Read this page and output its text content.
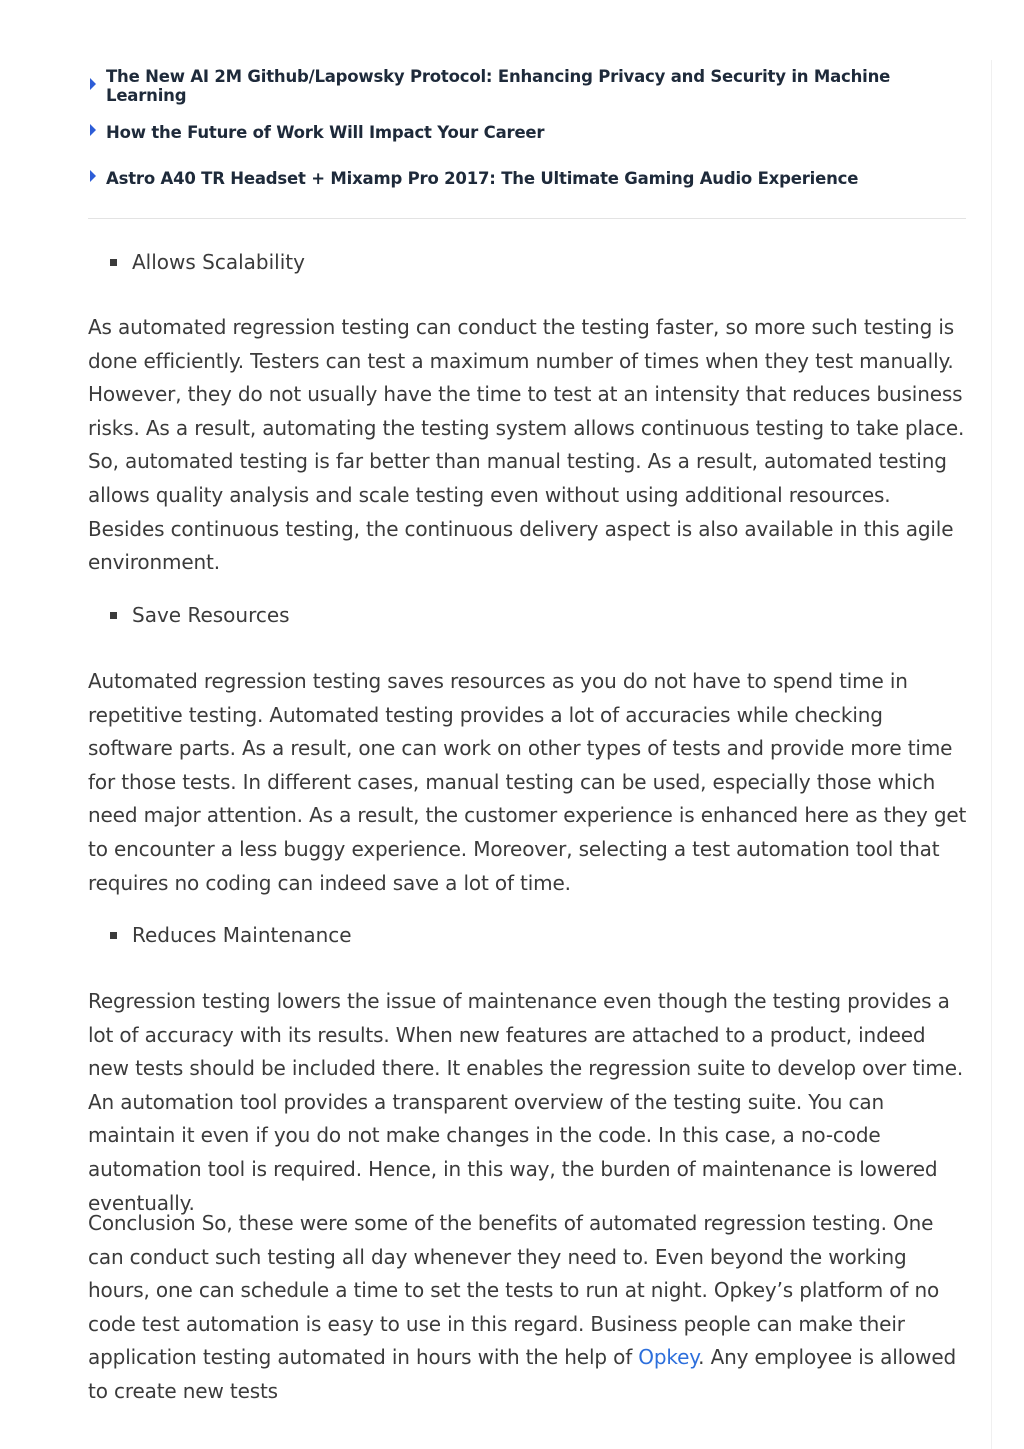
The New AI 2M Github/Lapowsky Protocol: Enhancing Privacy and Security in Machine Learning
How the Future of Work Will Impact Your Career
Astro A40 TR Headset + Mixamp Pro 2017: The Ultimate Gaming Audio Experience
Allows Scalability

As automated regression testing can conduct the testing faster, so more such testing is done efficiently. Testers can test a maximum number of times when they test manually. However, they do not usually have the time to test at an intensity that reduces business risks. As a result, automating the testing system allows continuous testing to take place. So, automated testing is far better than manual testing. As a result, automated testing allows quality analysis and scale testing even without using additional resources. Besides continuous testing, the continuous delivery aspect is also available in this agile environment.

Save Resources

Automated regression testing saves resources as you do not have to spend time in repetitive testing. Automated testing provides a lot of accuracies while checking software parts. As a result, one can work on other types of tests and provide more time for those tests. In different cases, manual testing can be used, especially those which need major attention. As a result, the customer experience is enhanced here as they get to encounter a less buggy experience. Moreover, selecting a test automation tool that requires no coding can indeed save a lot of time.

Reduces Maintenance

Regression testing lowers the issue of maintenance even though the testing provides a lot of accuracy with its results. When new features are attached to a product, indeed new tests should be included there. It enables the regression suite to develop over time. An automation tool provides a transparent overview of the testing suite. You can maintain it even if you do not make changes in the code. In this case, a no-code automation tool is required. Hence, in this way, the burden of maintenance is lowered eventually.

Conclusion So, these were some of the benefits of automated regression testing. One can conduct such testing all day whenever they need to. Even beyond the working hours, one can schedule a time to set the tests to run at night. Opkey’s platform of no code test automation is easy to use in this regard. Business people can make their application testing automated in hours with the help of Opkey. Any employee is allowed to create new tests
